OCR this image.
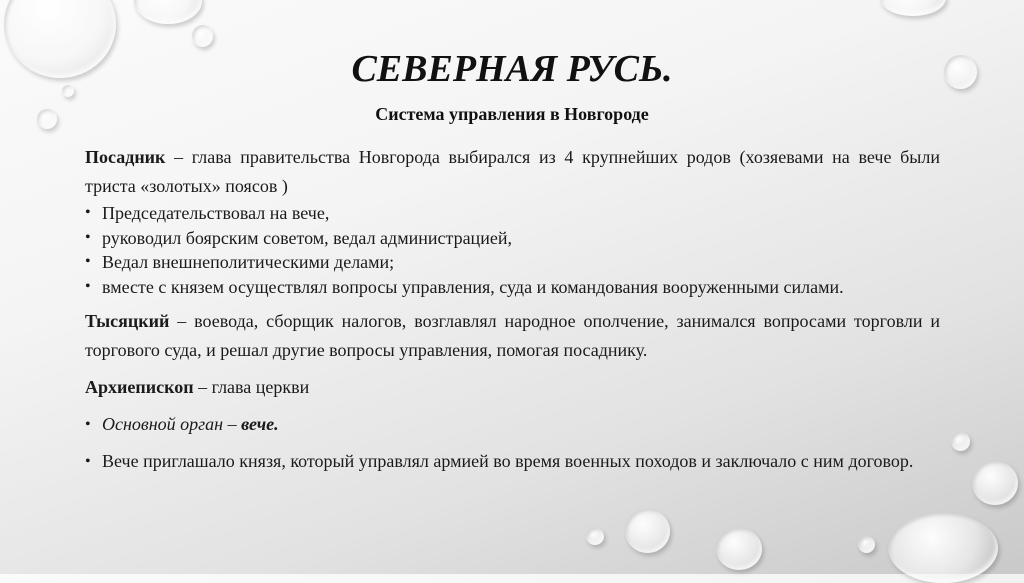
СЕВЕРНАЯ РУСЬ.
Система управления в Новгороде

Посадник – глава правительства Новгорода выбирался из 4 крупнейших родов (хозяевами на вече были триста «золотых» поясов )

• Председательствовал на вече,
• руководил боярским советом, ведал администрацией,
• Ведал внешнеполитическими делами;
• вместе с князем осуществлял вопросы управления, суда и командования вооруженными силами.

Тысяцкий – воевода, сборщик налогов, возглавлял народное ополчение, занимался вопросами торговли и торгового суда, и решал другие вопросы управления, помогая посаднику.

Архиепископ – глава церкви

• Основной орган – вече.
• Вече приглашало князя, который управлял армией во время военных походов и заключало с ним договор.
